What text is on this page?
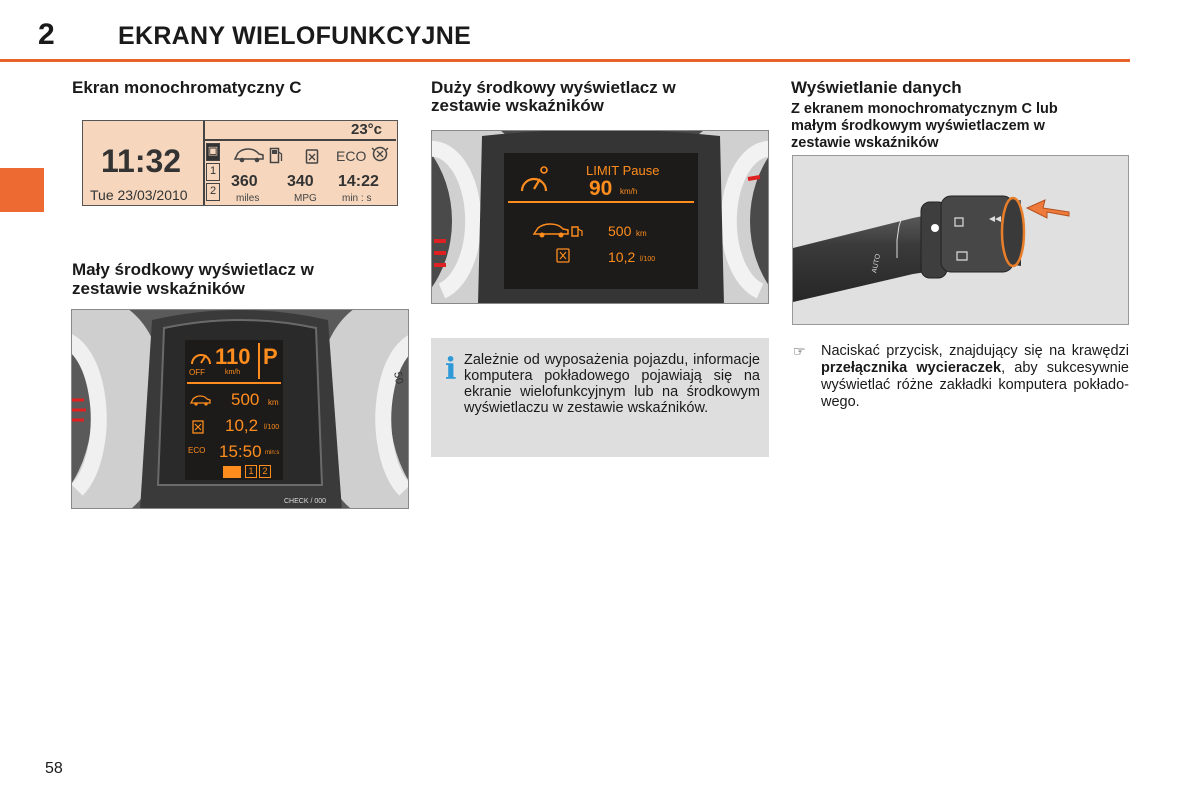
2	EKRANY WIELOFUNKCYJNE
Ekran monochromatyczny C
11:32
Tue 23/03/2010
23°c
▣
1
2
ECO
360
miles
340
MPG
14:22
min : s
Mały środkowy wyświetlacz w
zestawie wskaźników
OFF
110
km/h
P
500 km
10,2 l/100
ECO 15:50 min:s
1 2
50
CHECK / 000
Duży środkowy wyświetlacz w
zestawie wskaźników
LIMIT Pause
90 km/h
500 km
10,2 l/100
i Zależnie od wyposażenia pojazdu, informacje komputera pokładowego pojawiają się na ekranie wielofunkcyjnym lub na środkowym wyświetlaczu w zestawie wskaźników.

Wyświetlanie danych
Z ekranem monochromatycznym C lub
małym środkowym wyświetlaczem w
zestawie wskaźników
AUTO
☞ Naciskać przycisk, znajdujący się na krawędzi przełącznika wycieraczek, aby sukcesywnie wyświetlać różne zakładki komputera pokładowego.

58
